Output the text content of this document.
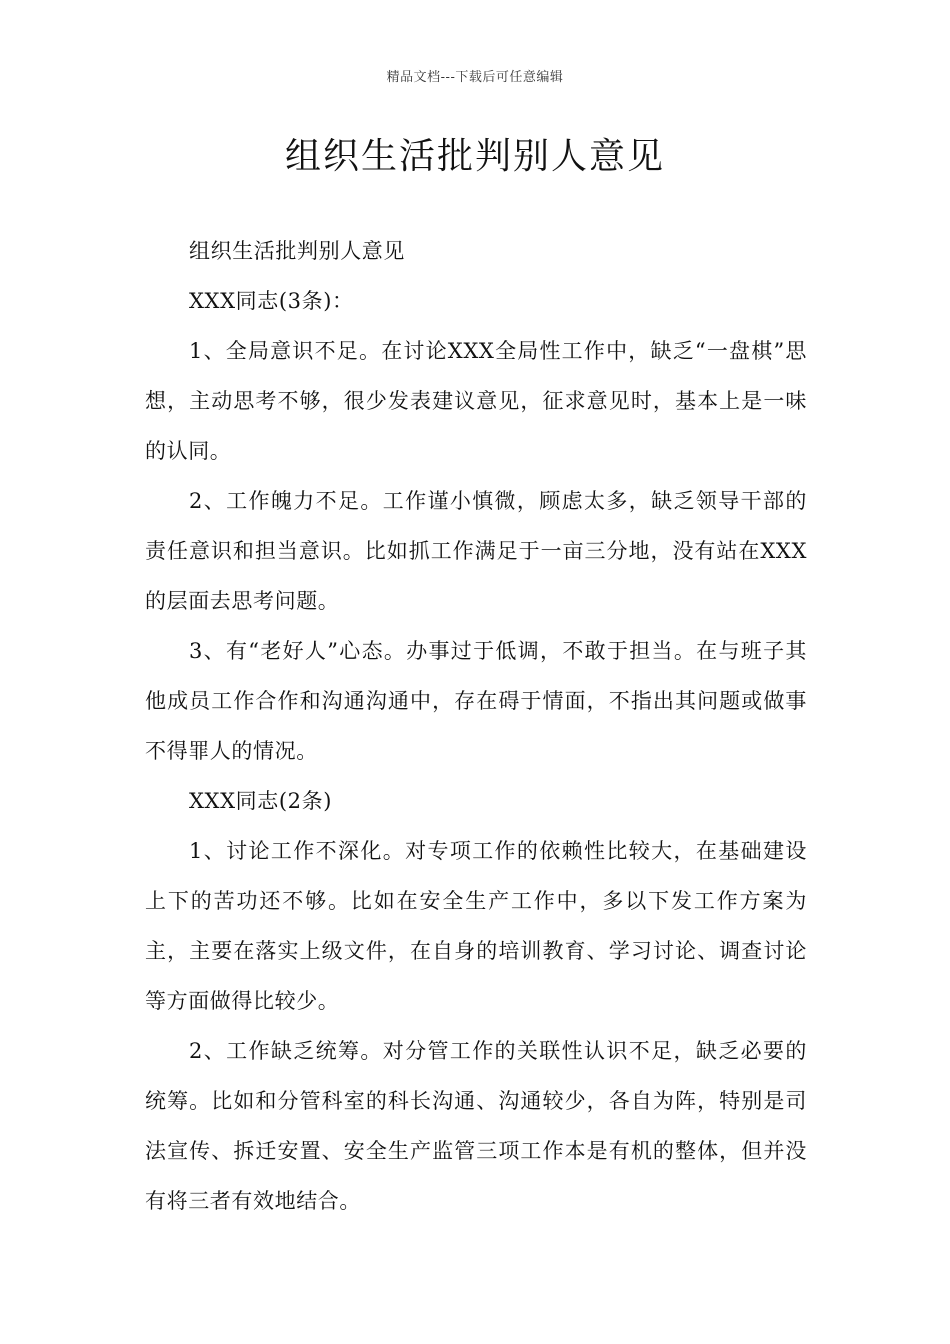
精品文档---下载后可任意编辑
组织生活批判别人意见

组织生活批判别人意见

XXX同志(3条)：

1、全局意识不足。在讨论XXX全局性工作中，缺乏“一盘棋”思想，主动思考不够，很少发表建议意见，征求意见时，基本上是一味的认同。

2、工作魄力不足。工作谨小慎微，顾虑太多，缺乏领导干部的责任意识和担当意识。比如抓工作满足于一亩三分地，没有站在XXX的层面去思考问题。

3、有“老好人”心态。办事过于低调，不敢于担当。在与班子其他成员工作合作和沟通沟通中，存在碍于情面，不指出其问题或做事不得罪人的情况。

XXX同志(2条)

1、讨论工作不深化。对专项工作的依赖性比较大，在基础建设上下的苦功还不够。比如在安全生产工作中，多以下发工作方案为主，主要在落实上级文件，在自身的培训教育、学习讨论、调查讨论等方面做得比较少。

2、工作缺乏统筹。对分管工作的关联性认识不足，缺乏必要的统筹。比如和分管科室的科长沟通、沟通较少，各自为阵，特别是司法宣传、拆迁安置、安全生产监管三项工作本是有机的整体，但并没有将三者有效地结合。
